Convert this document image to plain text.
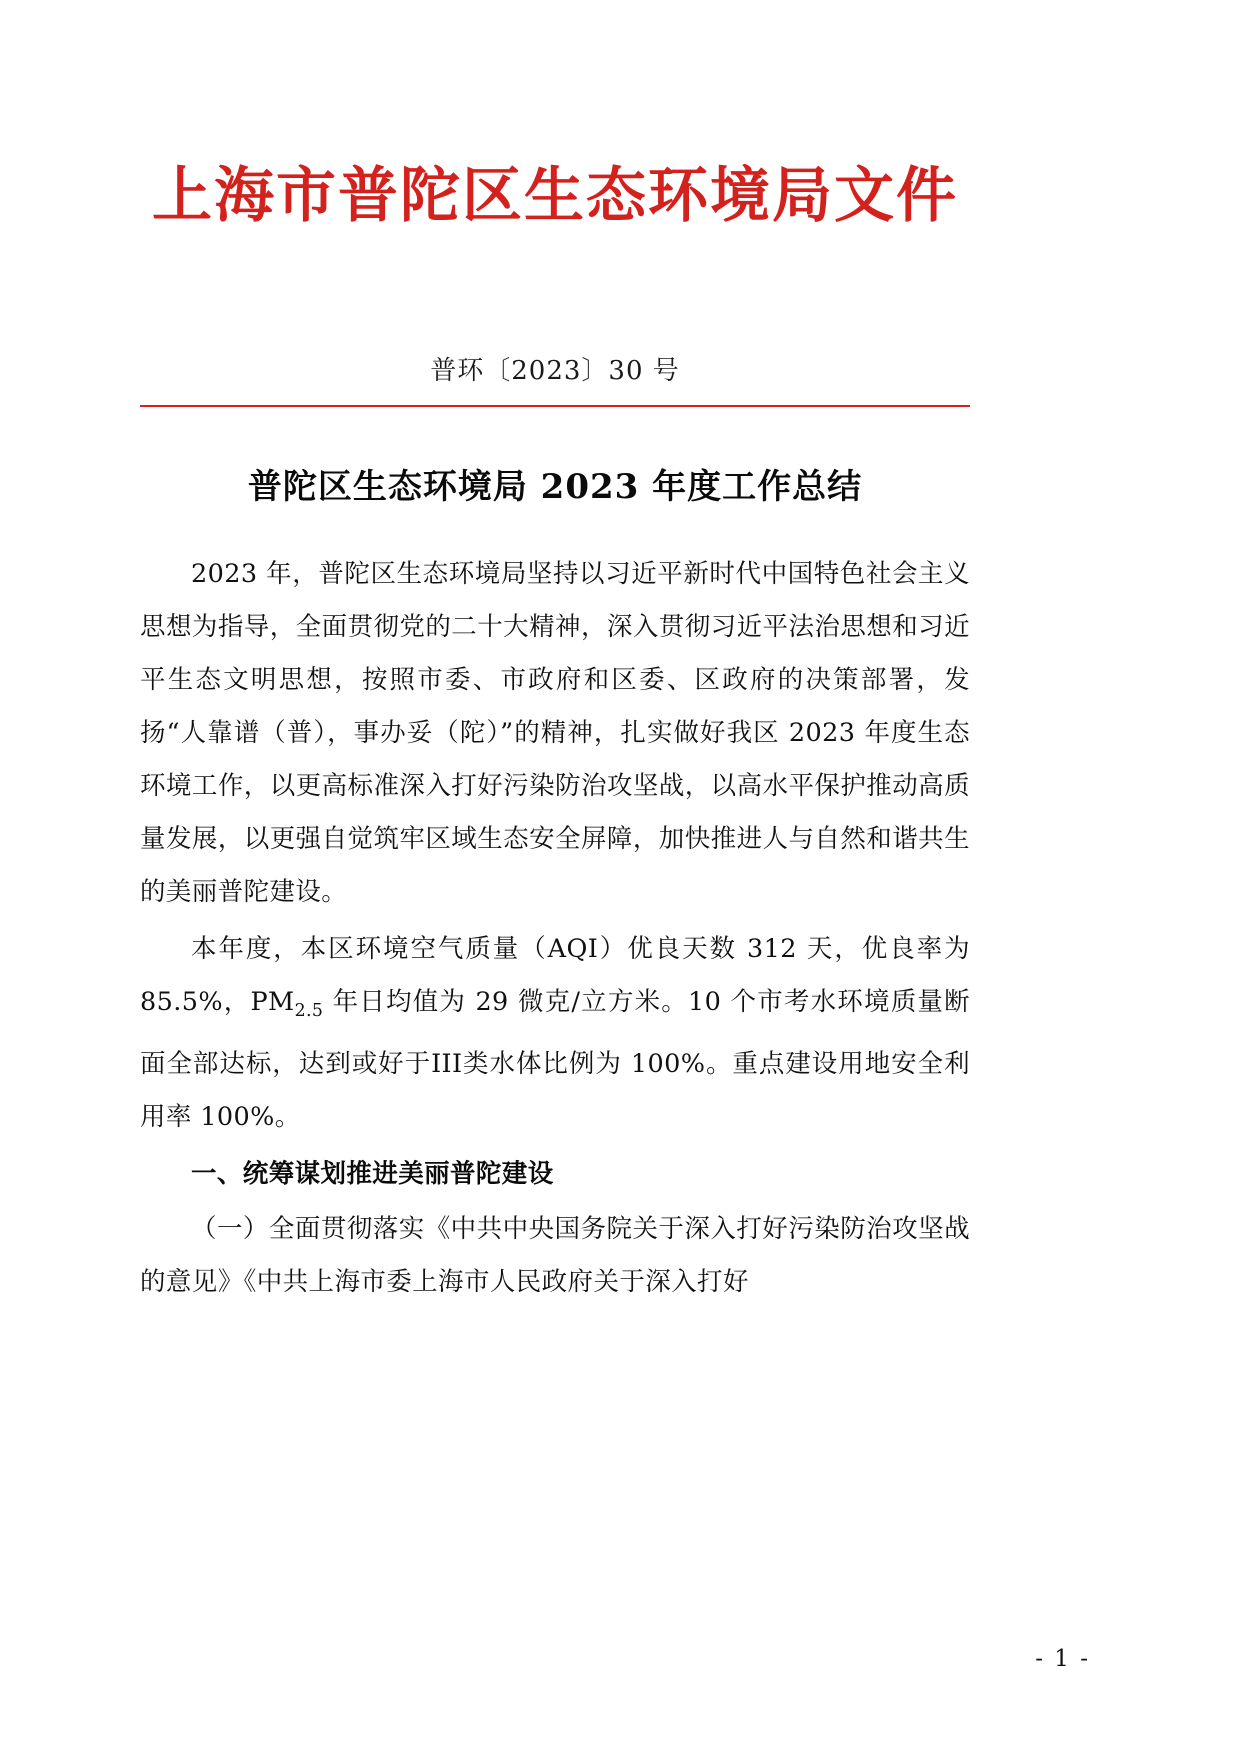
上海市普陀区生态环境局文件
普环〔2023〕30 号
普陀区生态环境局 2023 年度工作总结

2023 年，普陀区生态环境局坚持以习近平新时代中国特色社会主义思想为指导，全面贯彻党的二十大精神，深入贯彻习近平法治思想和习近平生态文明思想，按照市委、市政府和区委、区政府的决策部署，发扬“人靠谱（普），事办妥（陀）”的精神，扎实做好我区 2023 年度生态环境工作，以更高标准深入打好污染防治攻坚战，以高水平保护推动高质量发展，以更强自觉筑牢区域生态安全屏障，加快推进人与自然和谐共生的美丽普陀建设。

本年度，本区环境空气质量（AQI）优良天数 312 天，优良率为 85.5%，$PM_{2.5}$ 年日均值为 29 微克/立方米。10 个市考水环境质量断面全部达标，达到或好于III类水体比例为 100%。重点建设用地安全利用率 100%。

一、统筹谋划推进美丽普陀建设

（一）全面贯彻落实《中共中央国务院关于深入打好污染防治攻坚战的意见》《中共上海市委上海市人民政府关于深入打好

- 1 -
